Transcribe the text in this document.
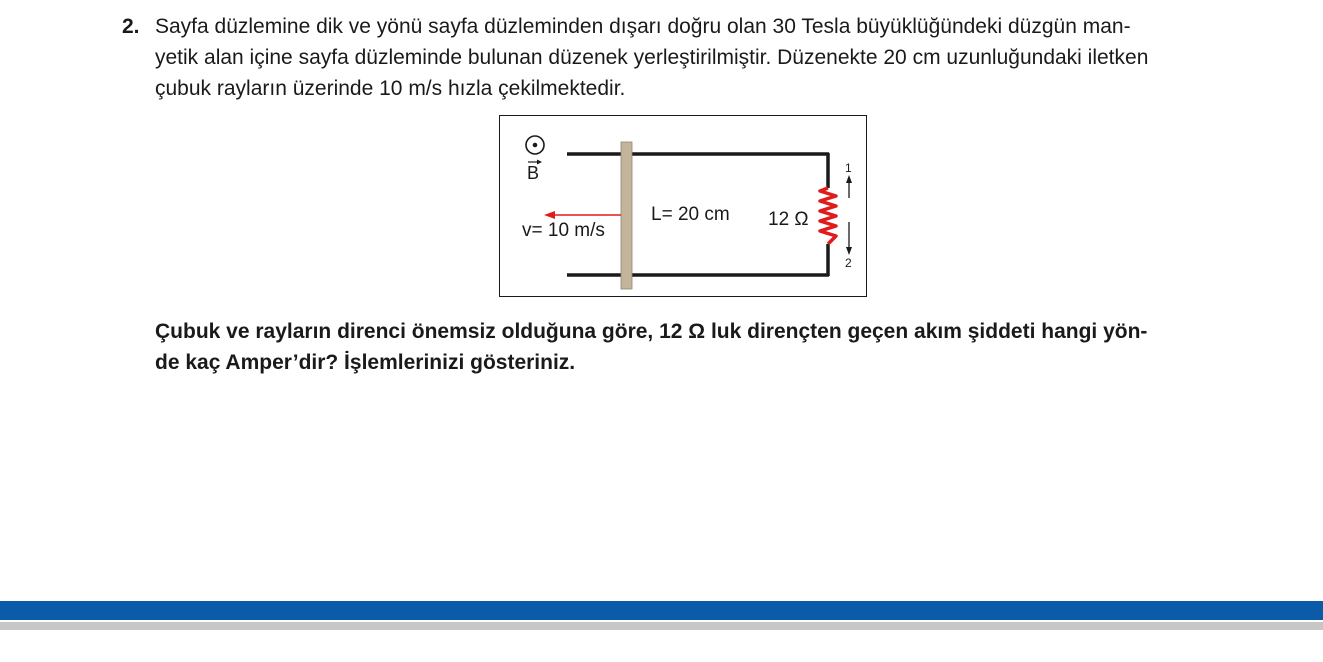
2. Sayfa düzlemine dik ve yönü sayfa düzleminden dışarı doğru olan 30 Tesla büyüklüğündeki düzgün man-
yetik alan içine sayfa düzleminde bulunan düzenek yerleştirilmiştir. Düzenekte 20 cm uzunluğundaki iletken
çubuk rayların üzerinde 10 m/s hızla çekilmektedir.
B
v= 10 m/s
L= 20 cm 12 Ω
1
2
Çubuk ve rayların direnci önemsiz olduğuna göre, 12 Ω luk dirençten geçen akım şiddeti hangi yön-
de kaç Amper’dir? İşlemlerinizi gösteriniz.
